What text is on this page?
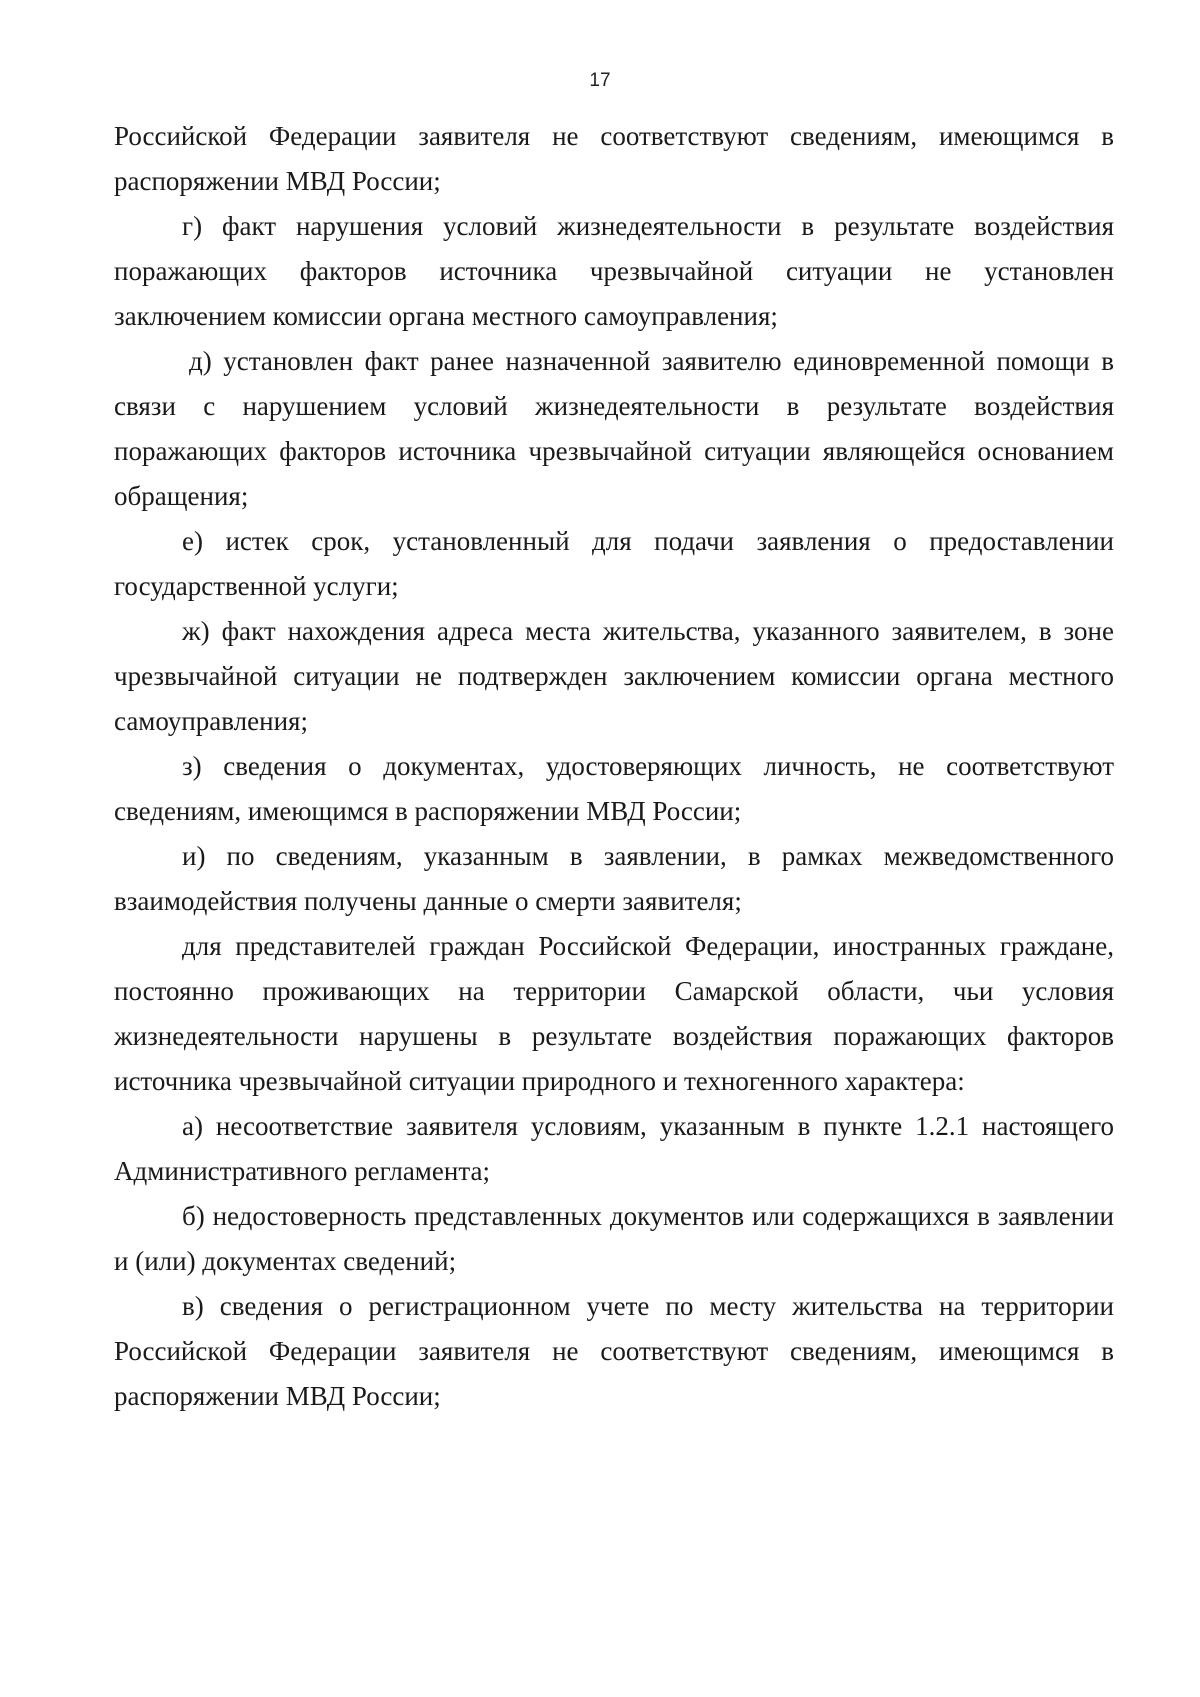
17

Российской Федерации заявителя не соответствуют сведениям, имеющимся в распоряжении МВД России;

г) факт нарушения условий жизнедеятельности в результате воздействия поражающих факторов источника чрезвычайной ситуации не установлен заключением комиссии органа местного самоуправления;

д) установлен факт ранее назначенной заявителю единовременной помощи в связи с нарушением условий жизнедеятельности в результате воздействия поражающих факторов источника чрезвычайной ситуации являющейся основанием обращения;

е) истек срок, установленный для подачи заявления о предоставлении государственной услуги;

ж) факт нахождения адреса места жительства, указанного заявителем, в зоне чрезвычайной ситуации не подтвержден заключением комиссии органа местного самоуправления;

з) сведения о документах, удостоверяющих личность, не соответствуют сведениям, имеющимся в распоряжении МВД России;

и) по сведениям, указанным в заявлении, в рамках межведомственного взаимодействия получены данные о смерти заявителя;

для представителей граждан Российской Федерации, иностранных граждане, постоянно проживающих на территории Самарской области, чьи условия жизнедеятельности нарушены в результате воздействия поражающих факторов источника чрезвычайной ситуации природного и техногенного характера:

а) несоответствие заявителя условиям, указанным в пункте 1.2.1 настоящего Административного регламента;

б) недостоверность представленных документов или содержащихся в заявлении и (или) документах сведений;

в) сведения о регистрационном учете по месту жительства на территории Российской Федерации заявителя не соответствуют сведениям, имеющимся в распоряжении МВД России;
